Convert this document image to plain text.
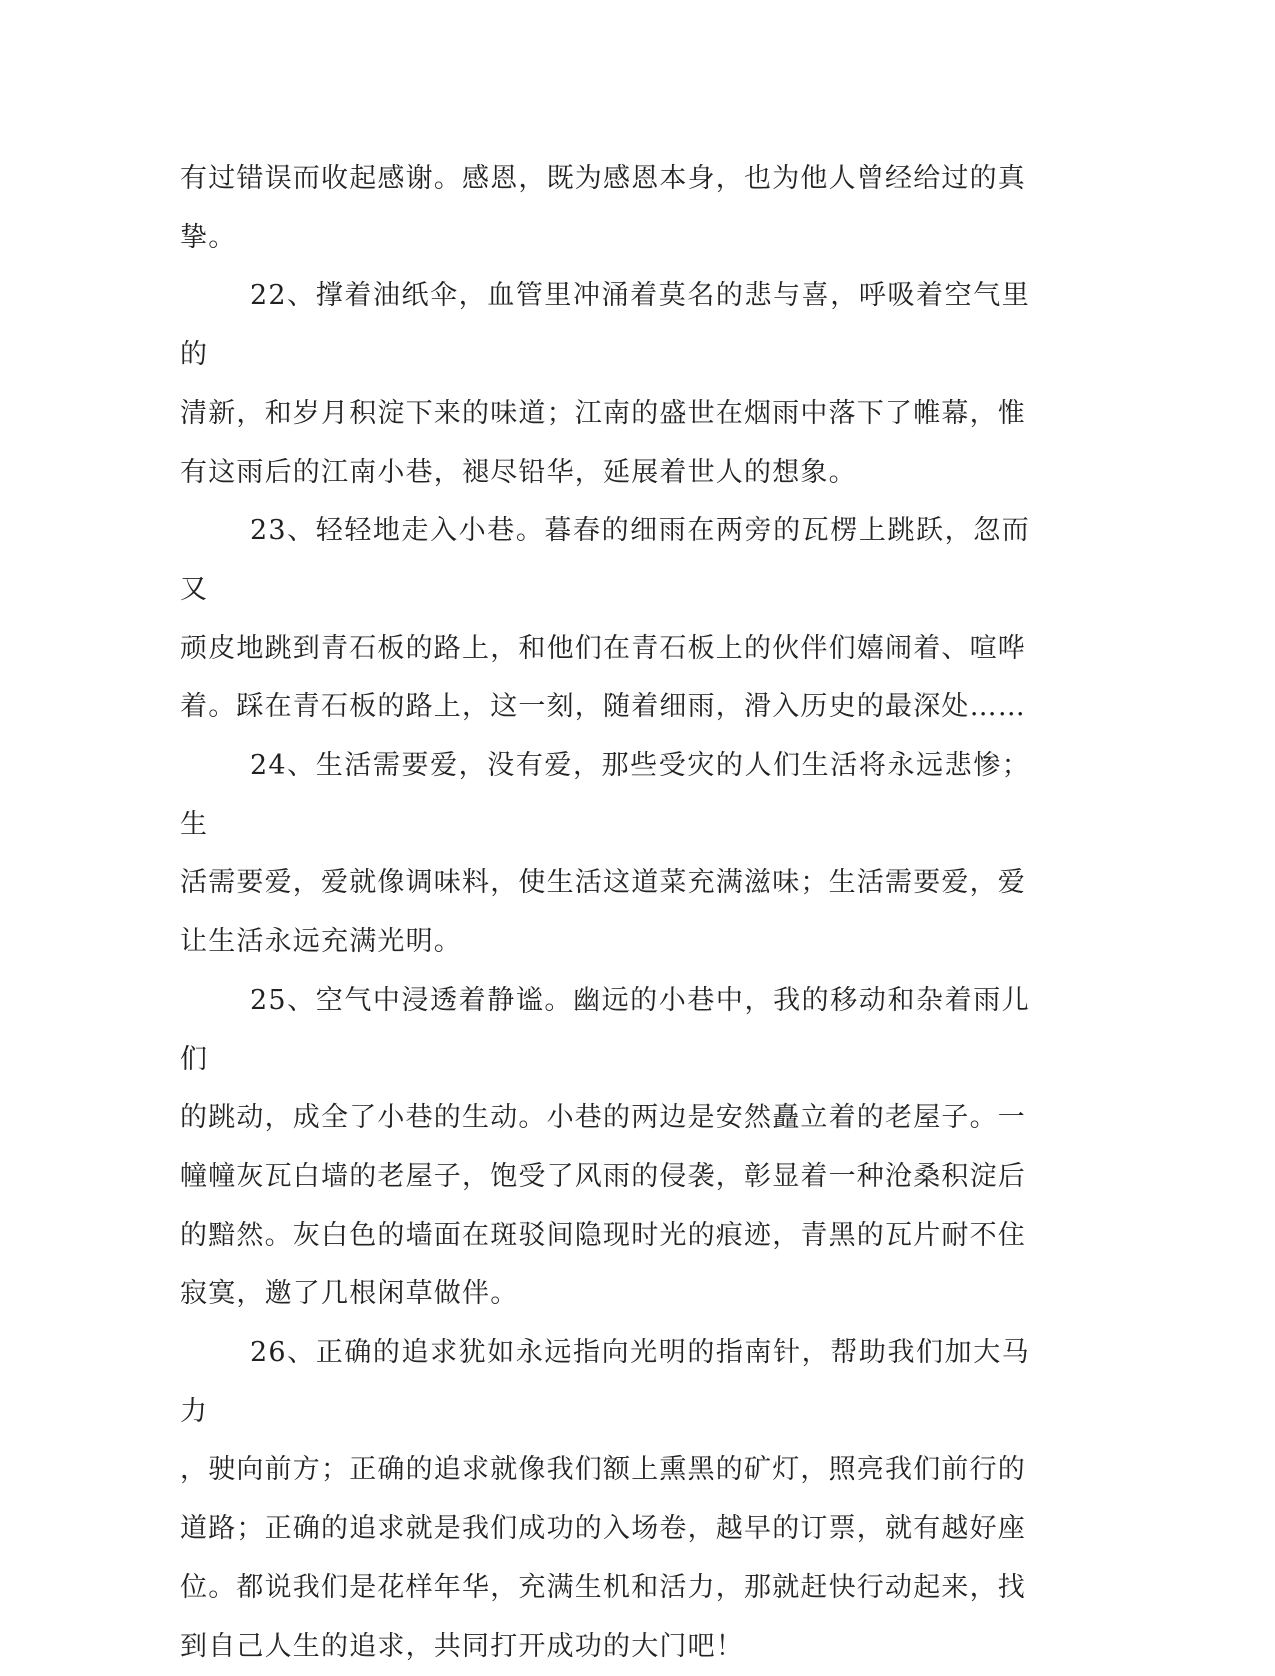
有过错误而收起感谢。感恩，既为感恩本身，也为他人曾经给过的真
挚。
22、撑着油纸伞，血管里冲涌着莫名的悲与喜，呼吸着空气里的
清新，和岁月积淀下来的味道；江南的盛世在烟雨中落下了帷幕，惟
有这雨后的江南小巷，褪尽铅华，延展着世人的想象。
23、轻轻地走入小巷。暮春的细雨在两旁的瓦楞上跳跃，忽而又
顽皮地跳到青石板的路上，和他们在青石板上的伙伴们嬉闹着、喧哗
着。踩在青石板的路上，这一刻，随着细雨，滑入历史的最深处……
24、生活需要爱，没有爱，那些受灾的人们生活将永远悲惨；生
活需要爱，爱就像调味料，使生活这道菜充满滋味；生活需要爱，爱
让生活永远充满光明。
25、空气中浸透着静谧。幽远的小巷中，我的移动和杂着雨儿们
的跳动，成全了小巷的生动。小巷的两边是安然矗立着的老屋子。一
幢幢灰瓦白墙的老屋子，饱受了风雨的侵袭，彰显着一种沧桑积淀后
的黯然。灰白色的墙面在斑驳间隐现时光的痕迹，青黑的瓦片耐不住
寂寞，邀了几根闲草做伴。
26、正确的追求犹如永远指向光明的指南针，帮助我们加大马力
，驶向前方；正确的追求就像我们额上熏黑的矿灯，照亮我们前行的
道路；正确的追求就是我们成功的入场卷，越早的订票，就有越好座
位。都说我们是花样年华，充满生机和活力，那就赶快行动起来，找
到自己人生的追求，共同打开成功的大门吧！
